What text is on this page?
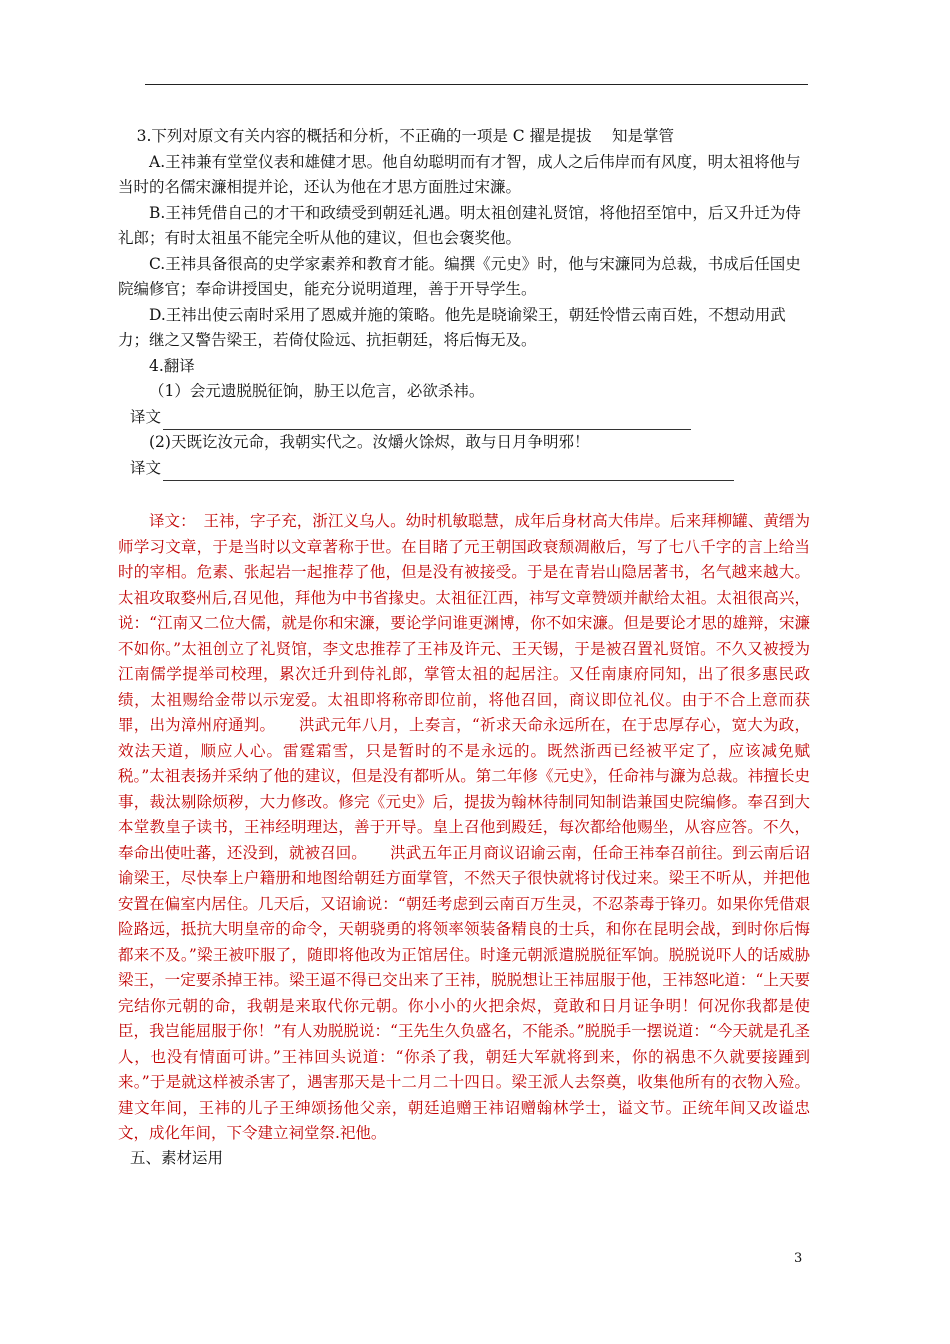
3.下列对原文有关内容的概括和分析，不正确的一项是 C 擢是提拔　 知是掌管

A.王祎兼有堂堂仪表和雄健才思。他自幼聪明而有才智，成人之后伟岸而有风度，明太祖将他与当时的名儒宋濂相提并论，还认为他在才思方面胜过宋濂。

B.王祎凭借自己的才干和政绩受到朝廷礼遇。明太祖创建礼贤馆，将他招至馆中，后又升迁为侍礼郎；有时太祖虽不能完全听从他的建议，但也会褒奖他。

C.王祎具备很高的史学家素养和教育才能。编撰《元史》时，他与宋濂同为总裁，书成后任国史院编修官；奉命讲授国史，能充分说明道理，善于开导学生。

D.王祎出使云南时采用了恩威并施的策略。他先是晓谕梁王，朝廷怜惜云南百姓，不想动用武力；继之又警告梁王，若倚仗险远、抗拒朝廷，将后悔无及。

4.翻译

（1）会元遗脱脱征饷，胁王以危言，必欲杀祎。

译文

(2)天既讫汝元命，我朝实代之。汝爝火馀烬，敢与日月争明邪！

译文
译文：　王祎，字子充，浙江义乌人。幼时机敏聪慧，成年后身材高大伟岸。后来拜柳罐、黄缙为师学习文章，于是当时以文章著称于世。在目睹了元王朝国政衰颓凋敝后，写了七八千字的言上给当时的宰相。危素、张起岩一起推荐了他，但是没有被接受。于是在青岩山隐居著书，名气越来越大。太祖攻取婺州后,召见他，拜他为中书省掾史。太祖征江西，祎写文章赞颂并献给太祖。太祖很高兴，说：“江南又二位大儒，就是你和宋濂，要论学问谁更渊博，你不如宋濂。但是要论才思的雄辩，宋濂不如你。”太祖创立了礼贤馆，李文忠推荐了王祎及许元、王天锡，于是被召置礼贤馆。不久又被授为江南儒学提举司校理，累次迁升到侍礼郎，掌管太祖的起居注。又任南康府同知，出了很多惠民政绩，太祖赐给金带以示宠爱。太祖即将称帝即位前，将他召回，商议即位礼仪。由于不合上意而获罪，出为漳州府通判。　　 洪武元年八月，上奏言，“祈求天命永远所在，在于忠厚存心，宽大为政，效法天道，顺应人心。雷霆霜雪，只是暂时的不是永远的。既然浙西已经被平定了，应该减免赋税。”太祖表扬并采纳了他的建议，但是没有都听从。第二年修《元史》，任命祎与濂为总裁。祎擅长史事，裁汰剔除烦秽，大力修改。修完《元史》后，提拔为翰林待制同知制诰兼国史院编修。奉召到大本堂教皇子读书，王祎经明理达，善于开导。皇上召他到殿廷，每次都给他赐坐，从容应答。不久，奉命出使吐蕃，还没到，就被召回。　　 洪武五年正月商议诏谕云南，任命王祎奉召前往。到云南后诏谕梁王，尽快奉上户籍册和地图给朝廷方面掌管，不然天子很快就将讨伐过来。梁王不听从，并把他安置在偏室内居住。几天后，又诏谕说：“朝廷考虑到云南百万生灵，不忍荼毒于锋刃。如果你凭借艰险路远，抵抗大明皇帝的命令，天朝骁勇的将领率领装备精良的士兵，和你在昆明会战，到时你后悔都来不及。”梁王被吓服了，随即将他改为正馆居住。时逢元朝派遣脱脱征军饷。脱脱说吓人的话威胁梁王，一定要杀掉王祎。梁王逼不得已交出来了王祎，脱脱想让王祎屈服于他，王祎怒叱道：“上天要完结你元朝的命，我朝是来取代你元朝。你小小的火把余烬，竟敢和日月证争明！何况你我都是使臣，我岂能屈服于你！”有人劝脱脱说：“王先生久负盛名，不能杀。”脱脱手一摆说道：“今天就是孔圣人，也没有情面可讲。”王祎回头说道：“你杀了我，朝廷大军就将到来，你的祸患不久就要接踵到来。”于是就这样被杀害了，遇害那天是十二月二十四日。梁王派人去祭奠，收集他所有的衣物入殓。建文年间，王祎的儿子王绅颂扬他父亲，朝廷追赠王祎诏赠翰林学士，谥文节。正统年间又改谥忠文，成化年间，下令建立祠堂祭.祀他。
五、素材运用
3
